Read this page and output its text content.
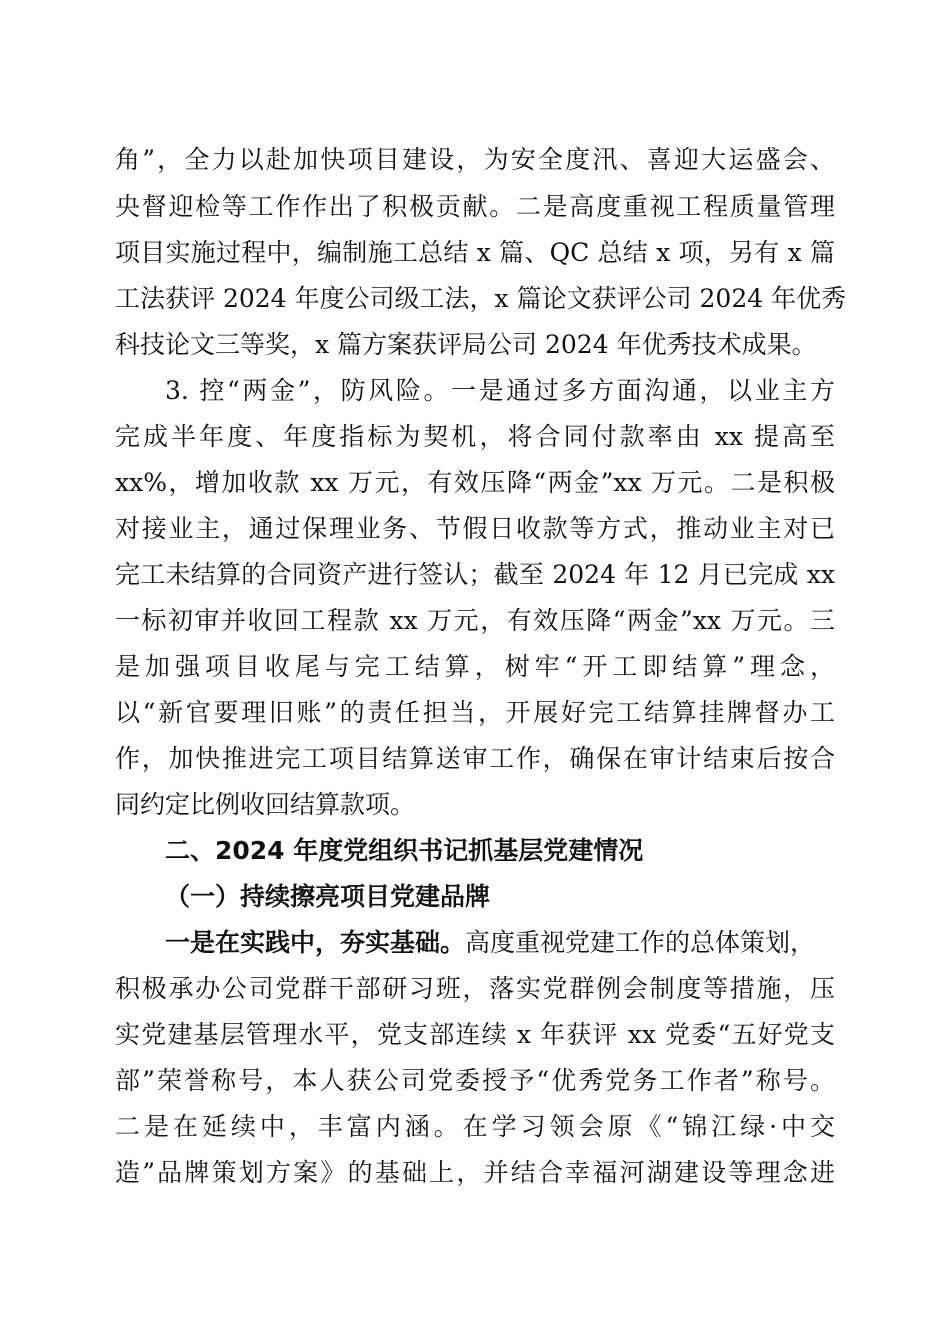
角”，全力以赴加快项目建设，为安全度汛、喜迎大运盛会、
央督迎检等工作作出了积极贡献。二是高度重视工程质量管理
项目实施过程中，编制施工总结 x 篇、QC 总结 x 项，另有 x 篇
工法获评 2024 年度公司级工法，x 篇论文获评公司 2024 年优秀
科技论文三等奖，x 篇方案获评局公司 2024 年优秀技术成果。
3. 控“两金”，防风险。一是通过多方面沟通，以业主方
完成半年度、年度指标为契机，将合同付款率由 xx 提高至
xx%，增加收款 xx 万元，有效压降“两金”xx 万元。二是积极
对接业主，通过保理业务、节假日收款等方式，推动业主对已
完工未结算的合同资产进行签认；截至 2024 年 12 月已完成 xx
一标初审并收回工程款 xx 万元，有效压降“两金”xx 万元。三
是加强项目收尾与完工结算，树牢“开工即结算”理念，
以“新官要理旧账”的责任担当，开展好完工结算挂牌督办工
作，加快推进完工项目结算送审工作，确保在审计结束后按合
同约定比例收回结算款项。
二、2024 年度党组织书记抓基层党建情况
（一）持续擦亮项目党建品牌
一是在实践中，夯实基础。高度重视党建工作的总体策划，
积极承办公司党群干部研习班，落实党群例会制度等措施，压
实党建基层管理水平，党支部连续 x 年获评 xx 党委“五好党支
部”荣誉称号，本人获公司党委授予“优秀党务工作者”称号。
二是在延续中，丰富内涵。在学习领会原《“锦江绿·中交
造”品牌策划方案》的基础上，并结合幸福河湖建设等理念进
